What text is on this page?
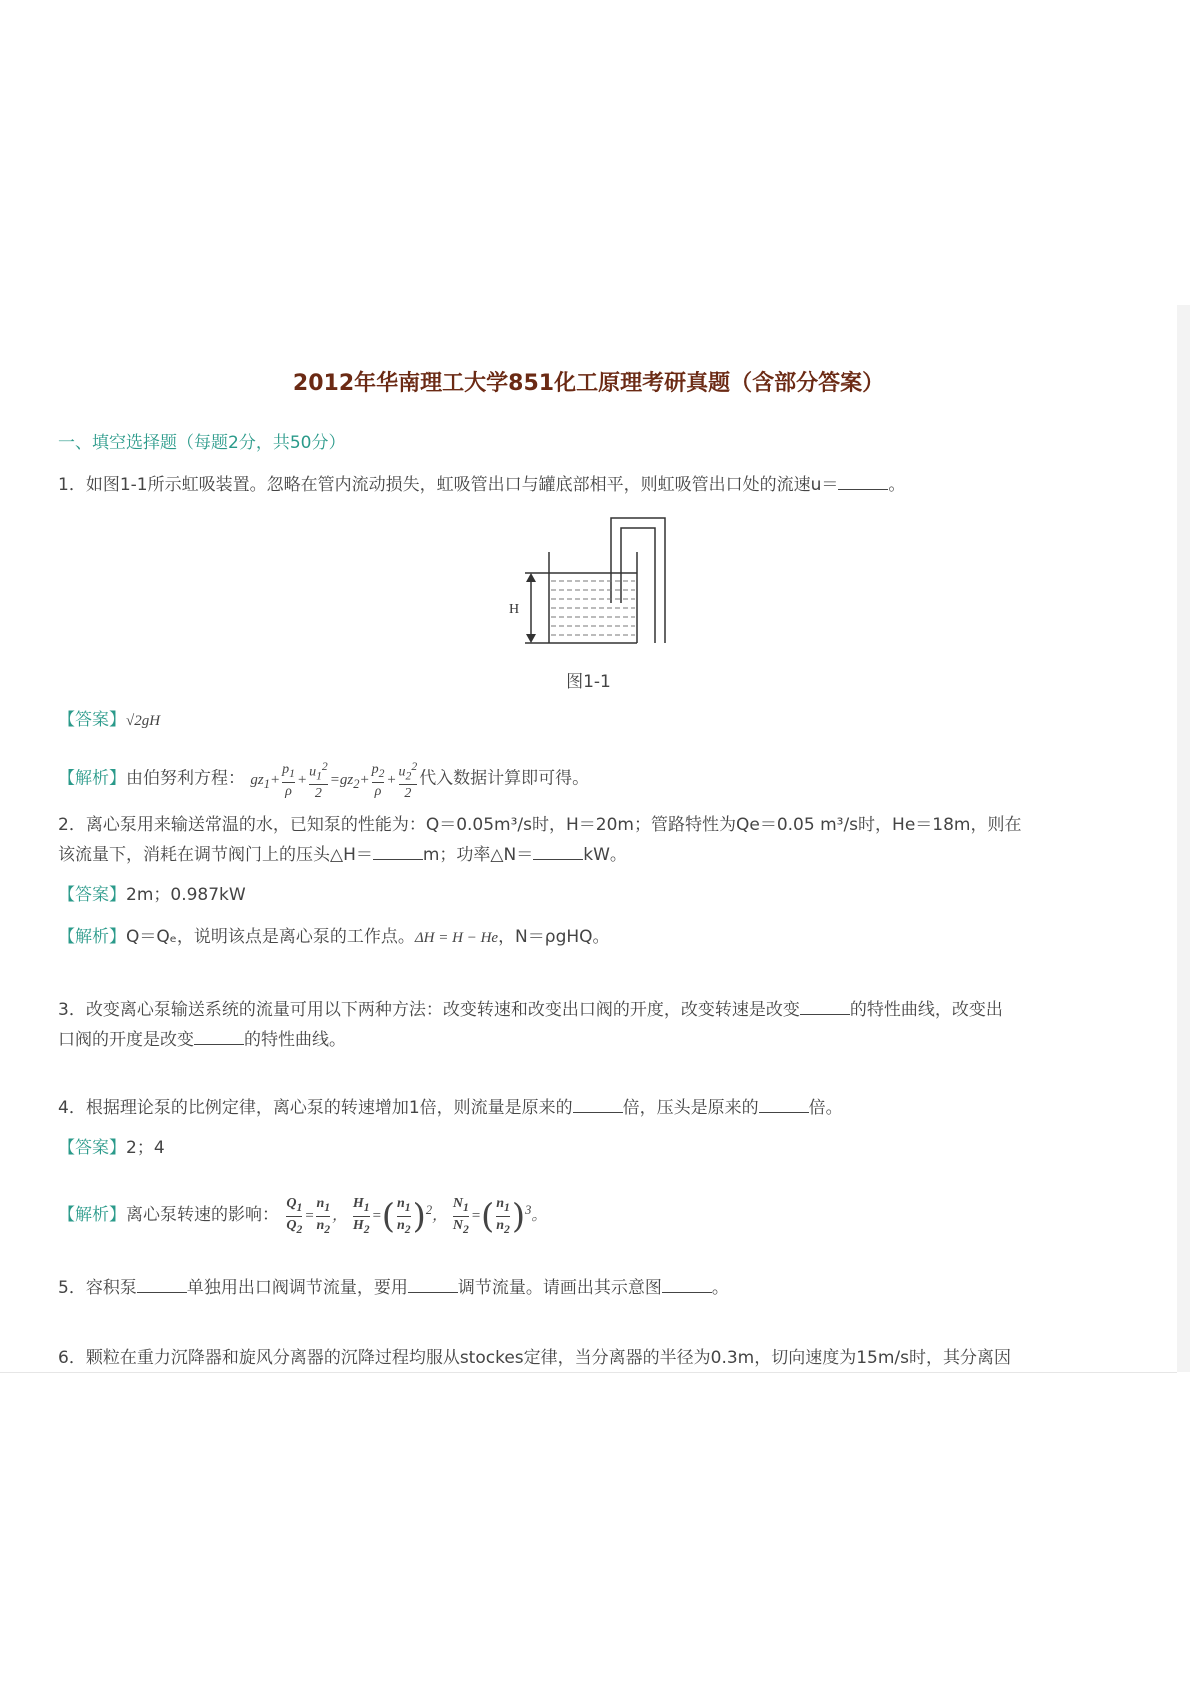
2012年华南理工大学851化工原理考研真题（含部分答案）
一、填空选择题（每题2分，共50分）
1．如图1-1所示虹吸装置。忽略在管内流动损失，虹吸管出口与罐底部相平，则虹吸管出口处的流速u＝	。
H
图1-1
【答案】√2gH
【解析】由伯努利方程： $gz_1+ \frac{p_1}{\rho} + \frac{u_1^2}{2} =gz_2+ \frac{p_2}{\rho} + \frac{u_2^2}{2}$ 代入数据计算即可得。
2．离心泵用来输送常温的水，已知泵的性能为：Q＝0.05m³/s时，H＝20m；管路特性为Qe＝0.05 m³/s时，He＝18m，则在
该流量下，消耗在调节阀门上的压头△H＝	m；功率△N＝	kW。
【答案】2m；0.987kW
【解析】Q＝Qₑ，说明该点是离心泵的工作点。ΔH = H − He，N＝ρgHQ。
3．改变离心泵输送系统的流量可用以下两种方法：改变转速和改变出口阀的开度，改变转速是改变	的特性曲线，改变出
口阀的开度是改变	的特性曲线。
4．根据理论泵的比例定律，离心泵的转速增加1倍，则流量是原来的	倍，压头是原来的	倍。
【答案】2；4
【解析】离心泵转速的影响： $\frac{Q_1}{Q_2} = \frac{n_1}{n_2}$ ， $\frac{H_1}{H_2}$ =( $\frac{n_1}{n_2} )^2$， $\frac{N_1}{N_2}$ =( $\frac{n_1}{n_2} )^3$。
5．容积泵	单独用出口阀调节流量，要用	调节流量。请画出其示意图	。
6．颗粒在重力沉降器和旋风分离器的沉降过程均服从stockes定律，当分离器的半径为0.3m，切向速度为15m/s时，其分离因
